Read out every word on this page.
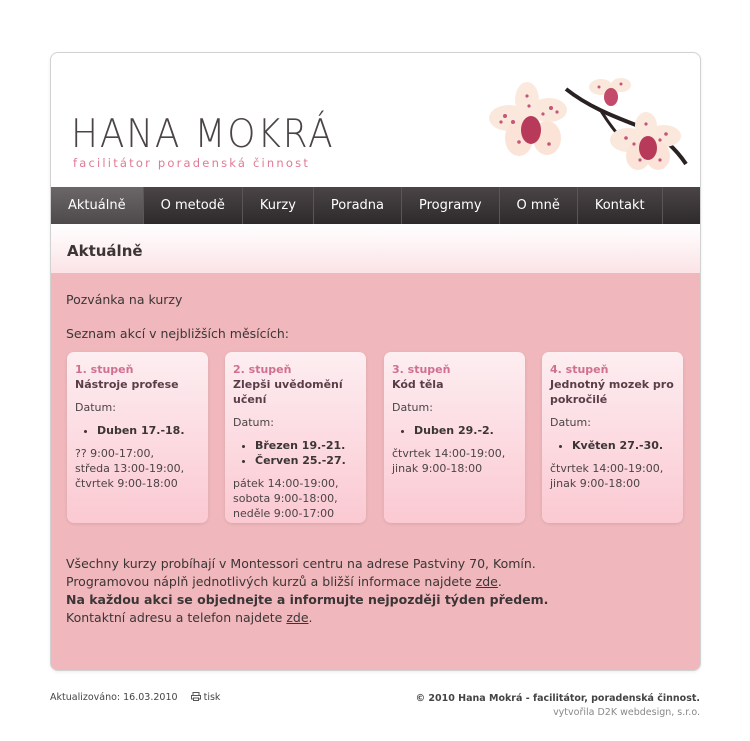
HANA MOKRÁ
facilitátor poradenská činnost
Aktuálně	O metodě	Kurzy	Poradna	Programy	O mně	Kontakt
Aktuálně
Pozvánka na kurzy
Seznam akcí v nejbližších měsících:
1. stupeň
Nástroje profese
Datum:
• Duben 17.-18.
?? 9:00-17:00,
středa 13:00-19:00,
čtvrtek 9:00-18:00
2. stupeň
Zlepši uvědomění učení
Datum:
• Březen 19.-21.
• Červen 25.-27.
pátek 14:00-19:00,
sobota 9:00-18:00,
neděle 9:00-17:00
3. stupeň
Kód těla
Datum:
• Duben 29.-2.
čtvrtek 14:00-19:00,
jinak 9:00-18:00
4. stupeň
Jednotný mozek pro pokročilé
Datum:
• Květen 27.-30.
čtvrtek 14:00-19:00,
jinak 9:00-18:00
Všechny kurzy probíhají v Montessori centru na adrese Pastviny 70, Komín.
Programovou náplň jednotlivých kurzů a bližší informace najdete zde.
Na každou akci se objednejte a informujte nejpozději týden předem.
Kontaktní adresu a telefon najdete zde.
Aktualizováno: 16.03.2010	tisk	© 2010 Hana Mokrá - facilitátor, poradenská činnost.
vytvořila D2K webdesign, s.r.o.
